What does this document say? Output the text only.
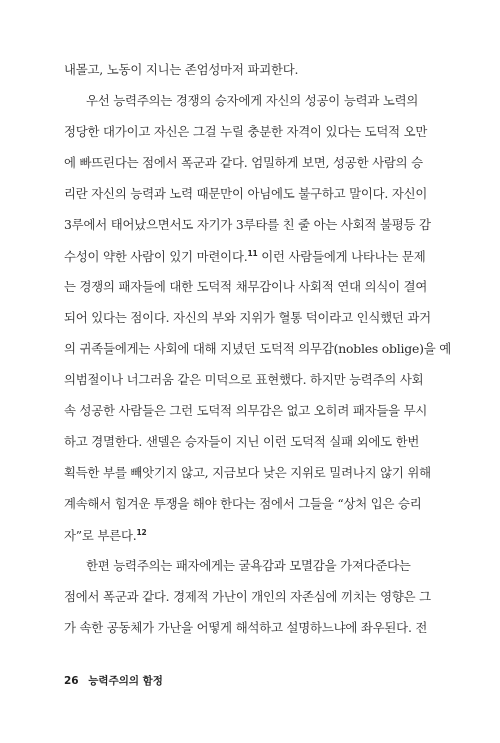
내몰고, 노동이 지니는 존엄성마저 파괴한다.
우선 능력주의는 경쟁의 승자에게 자신의 성공이 능력과 노력의
정당한 대가이고 자신은 그걸 누릴 충분한 자격이 있다는 도덕적 오만
에 빠뜨린다는 점에서 폭군과 같다. 엄밀하게 보면, 성공한 사람의 승
리란 자신의 능력과 노력 때문만이 아님에도 불구하고 말이다. 자신이
3루에서 태어났으면서도 자기가 3루타를 친 줄 아는 사회적 불평등 감
수성이 약한 사람이 있기 마련이다.$^{11}$ 이런 사람들에게 나타나는 문제
는 경쟁의 패자들에 대한 도덕적 채무감이나 사회적 연대 의식이 결여
되어 있다는 점이다. 자신의 부와 지위가 혈통 덕이라고 인식했던 과거
의 귀족들에게는 사회에 대해 지녔던 도덕적 의무감(nobles oblige)을 예
의범절이나 너그러움 같은 미덕으로 표현했다. 하지만 능력주의 사회
속 성공한 사람들은 그런 도덕적 의무감은 없고 오히려 패자들을 무시
하고 경멸한다. 샌델은 승자들이 지닌 이런 도덕적 실패 외에도 한번
획득한 부를 빼앗기지 않고, 지금보다 낮은 지위로 밀려나지 않기 위해
계속해서 힘겨운 투쟁을 해야 한다는 점에서 그들을 “상처 입은 승리
자”로 부른다.$^{12}$
한편 능력주의는 패자에게는 굴욕감과 모멸감을 가져다준다는
점에서 폭군과 같다. 경제적 가난이 개인의 자존심에 끼치는 영향은 그
가 속한 공동체가 가난을 어떻게 해석하고 설명하느냐에 좌우된다. 전
26 능력주의의 함정
